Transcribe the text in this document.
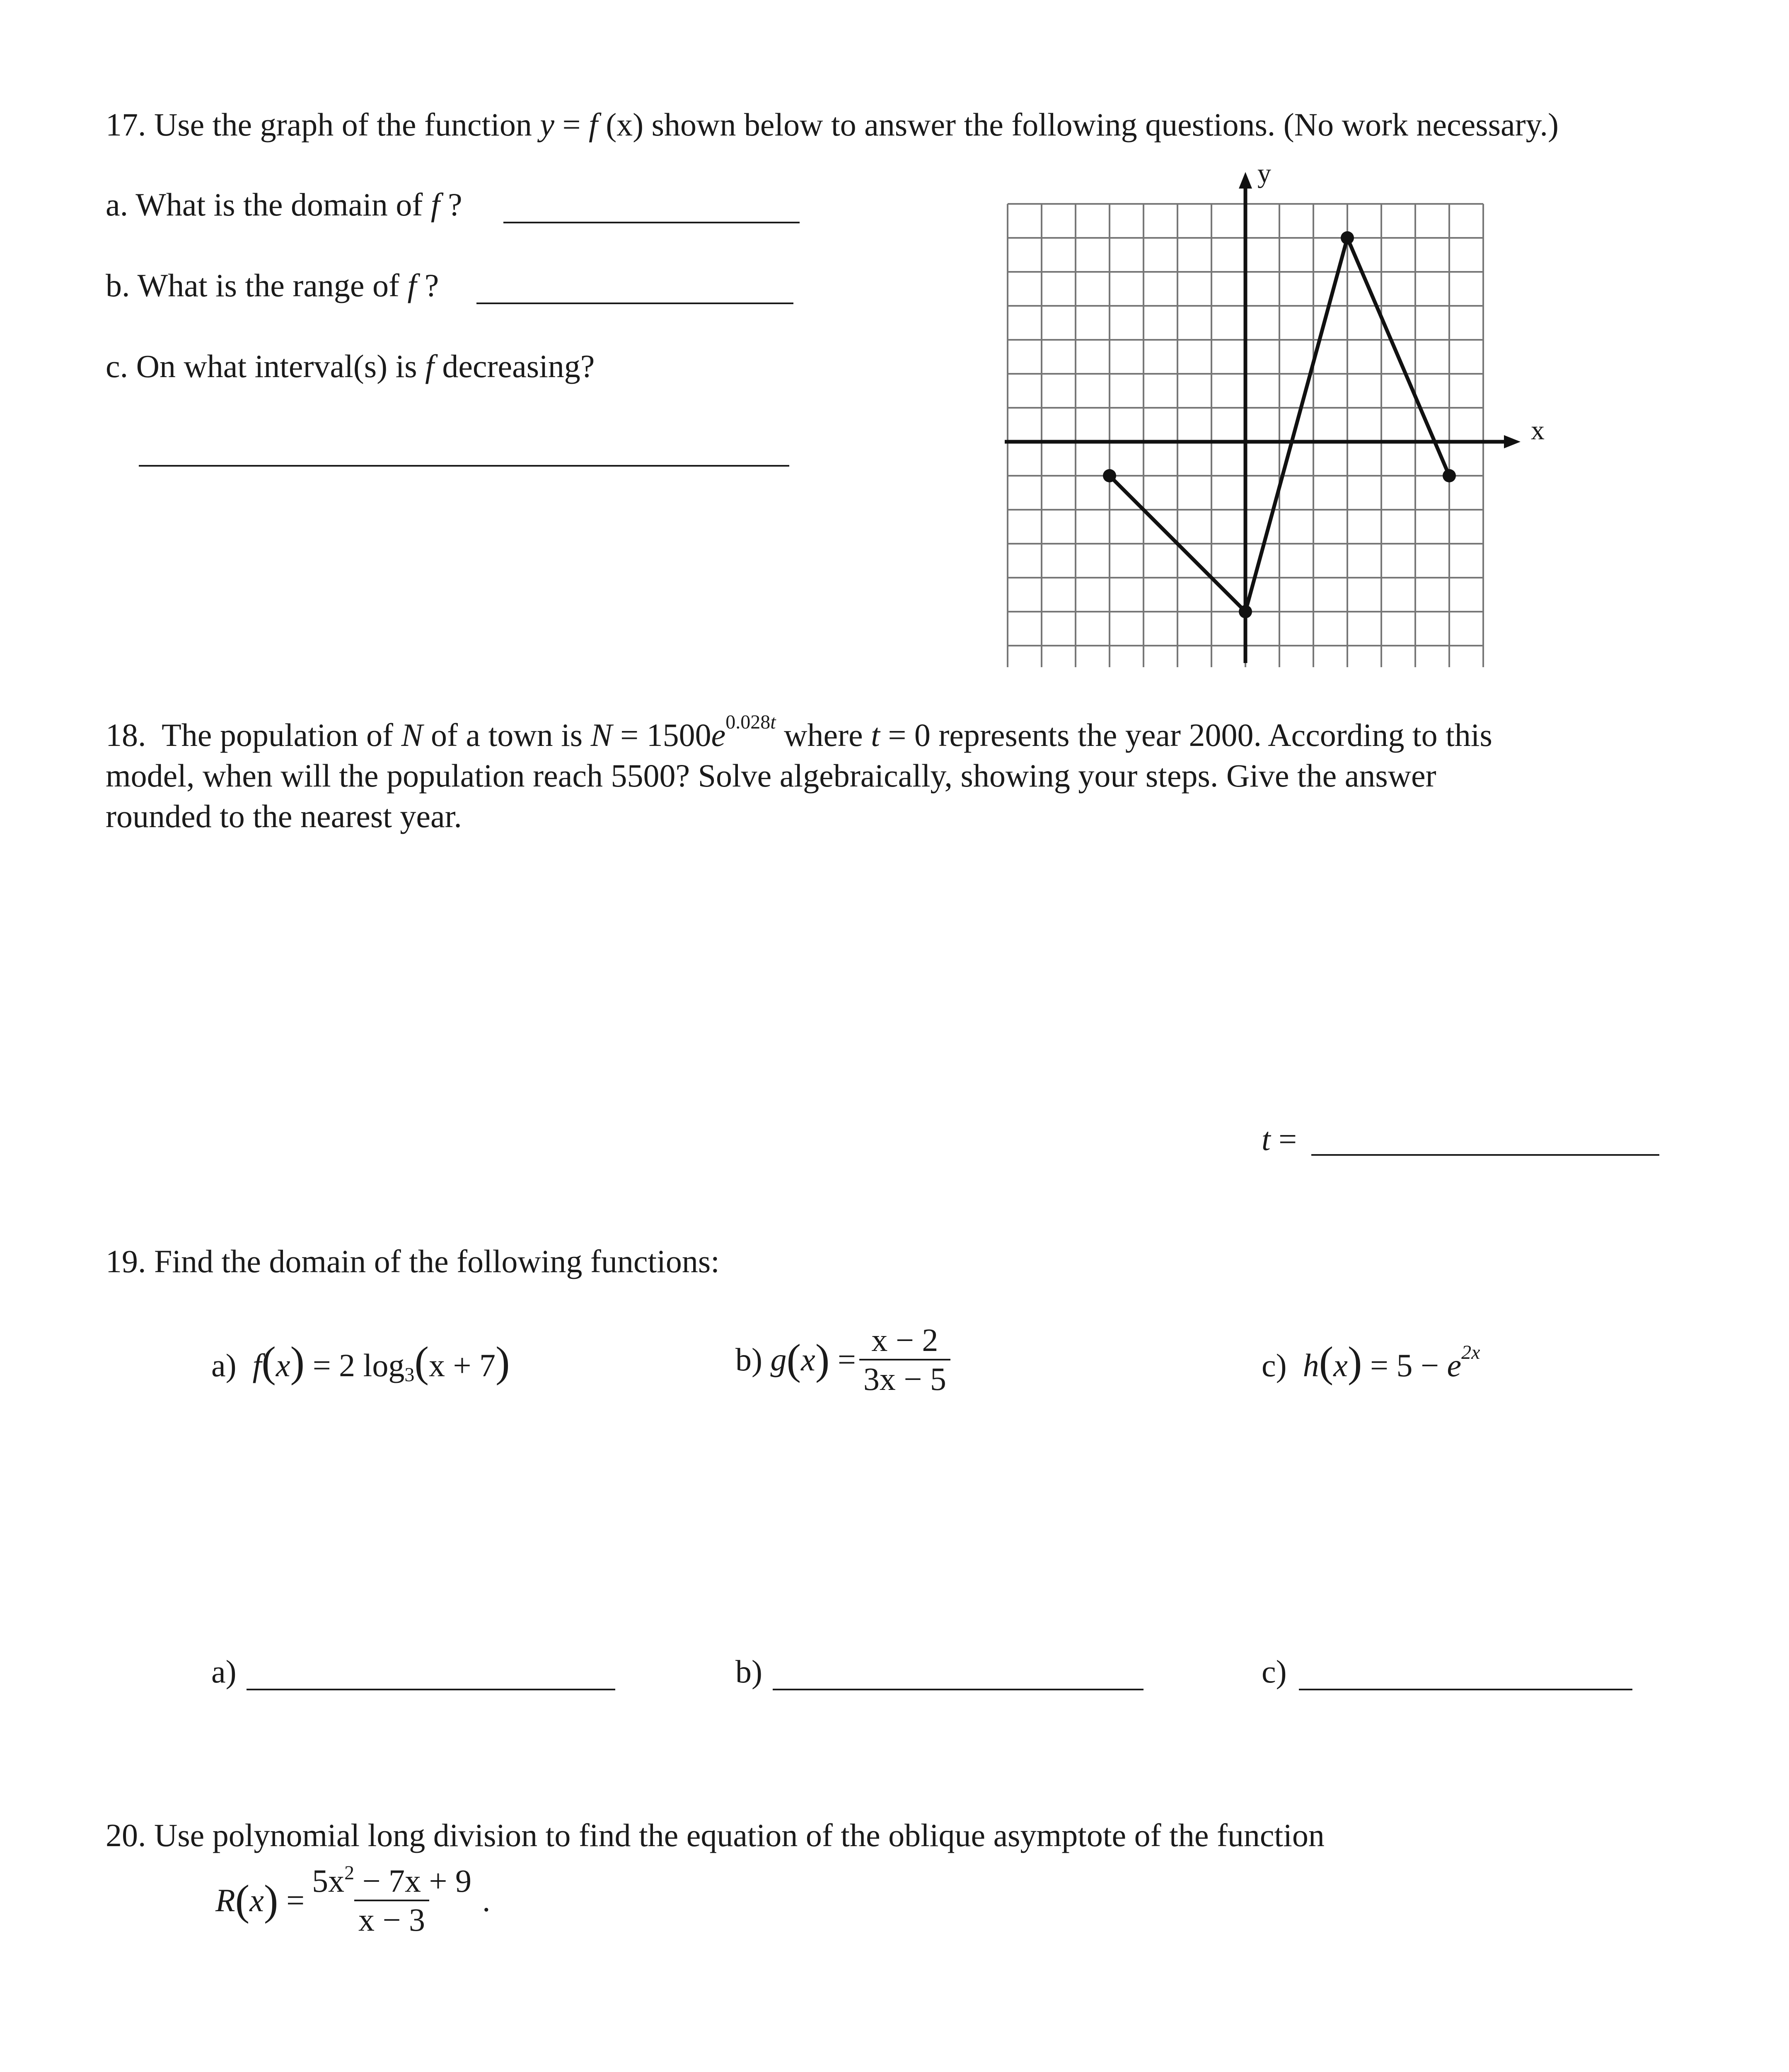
17. Use the graph of the function y = f (x) shown below to answer the following questions. (No work necessary.)
a. What is the domain of f ?
b. What is the range of f ?
c. On what interval(s) is f decreasing?
x
y
18. The population of N of a town is $N = 1500e^{0.028t}$ where t = 0 represents the year 2000. According to this
model, when will the population reach 5500? Solve algebraically, showing your steps. Give the answer
rounded to the nearest year.
t =
19. Find the domain of the following functions:
a) f(x) = 2 $\log_3(x + 7)$	b)
g ( x ) = $\frac{x - 2}{3x - 5}$	c) $h(x) = 5 - e^{2x}$
a)	b)	c)
20. Use polynomial long division to find the equation of the oblique asymptote of the function
R ( x ) = $\frac{5x^2 - 7x + 9}{x - 3}$ .
